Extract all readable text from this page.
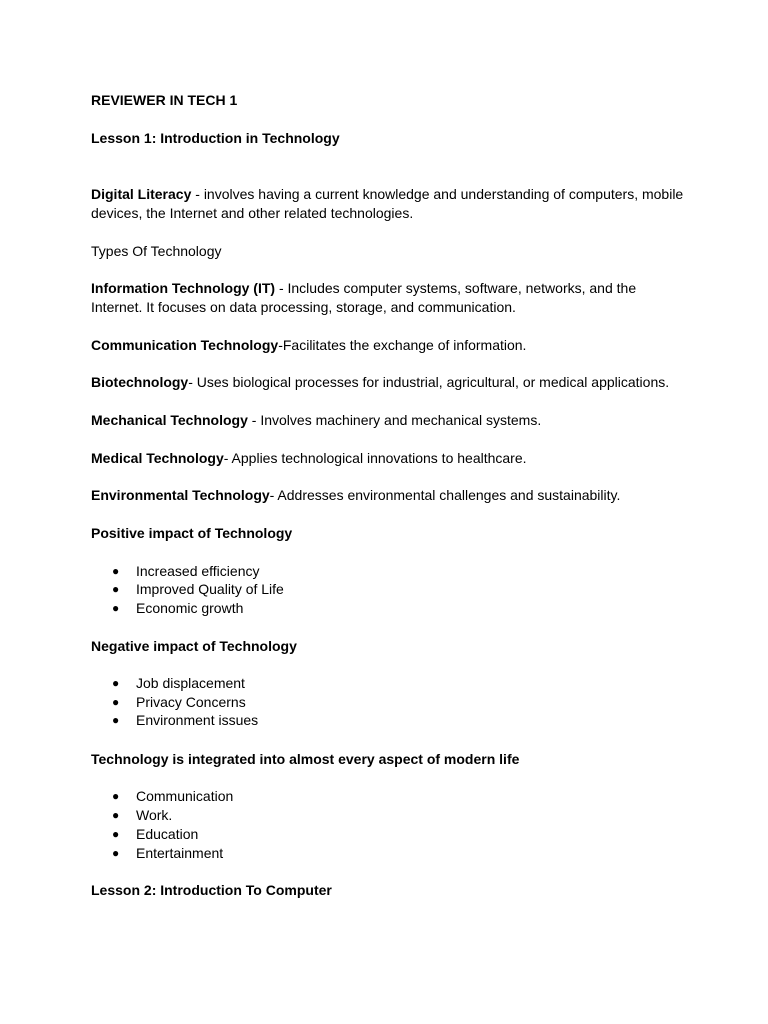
REVIEWER IN TECH 1

Lesson 1: Introduction in Technology

Digital Literacy - involves having a current knowledge and understanding of computers, mobile

devices, the Internet and other related technologies.

Types Of Technology

Information Technology (IT) - Includes computer systems, software, networks, and the

Internet. It focuses on data processing, storage, and communication.

Communication Technology-Facilitates the exchange of information.

Biotechnology- Uses biological processes for industrial, agricultural, or medical applications.

Mechanical Technology - Involves machinery and mechanical systems.

Medical Technology- Applies technological innovations to healthcare.

Environmental Technology- Addresses environmental challenges and sustainability.

Positive impact of Technology

● Increased efficiency
● Improved Quality of Life
● Economic growth

Negative impact of Technology

● Job displacement
● Privacy Concerns
● Environment issues

Technology is integrated into almost every aspect of modern life

● Communication
● Work.
● Education
● Entertainment

Lesson 2: Introduction To Computer
